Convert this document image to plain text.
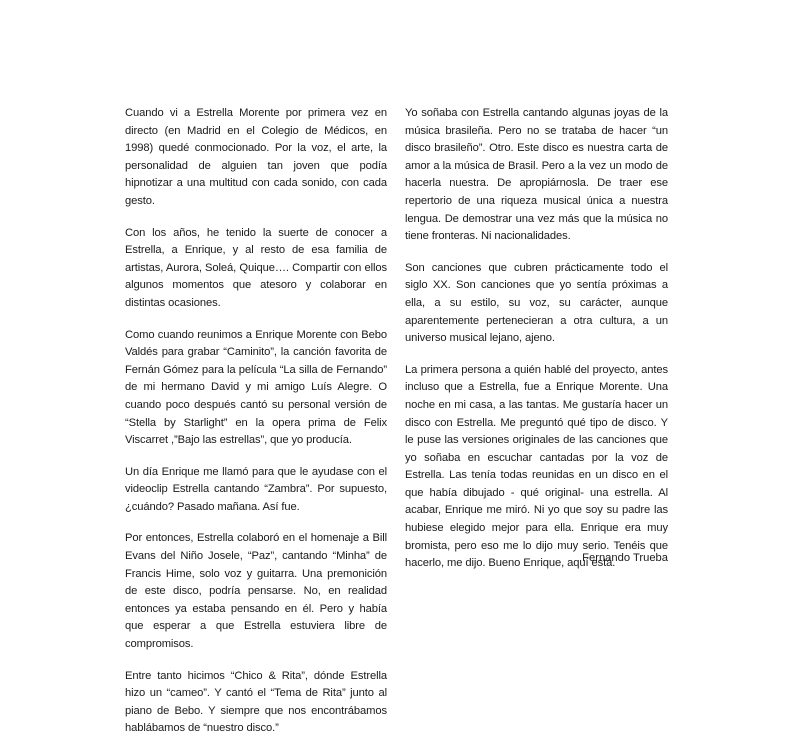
Cuando vi a Estrella Morente por primera vez en directo (en Madrid en el Colegio de Médicos, en 1998) quedé conmocionado. Por la voz, el arte, la personalidad de alguien tan joven que podía hipnotizar a una multitud con cada sonido, con cada gesto.

Con los años, he tenido la suerte de conocer a Estrella, a Enrique, y al resto de esa familia de artistas, Aurora, Soleá, Quique…. Compartir con ellos algunos momentos que atesoro y colaborar en distintas ocasiones.

Como cuando reunimos a Enrique Morente con Bebo Valdés para grabar “Caminito”, la canción favorita de Fernán Gómez para la película “La silla de Fernando” de mi hermano David y mi amigo Luís Alegre. O cuando poco después cantó su personal versión de “Stella by Starlight” en la opera prima de Felix Viscarret ,”Bajo las estrellas”, que yo producía.

Un día Enrique me llamó para que le ayudase con el videoclip Estrella cantando “Zambra”. Por supuesto, ¿cuándo? Pasado mañana. Así fue.

Por entonces, Estrella colaboró en el homenaje a Bill Evans del Niño Josele, “Paz”, cantando “Minha” de Francis Hime, solo voz y guitarra. Una premonición de este disco, podría pensarse. No, en realidad entonces ya estaba pensando en él. Pero y había que esperar a que Estrella estuviera libre de compromisos.

Entre tanto hicimos “Chico & Rita”, dónde Estrella hizo un “cameo”. Y cantó el “Tema de Rita” junto al piano de Bebo. Y siempre que nos encontrábamos hablábamos de “nuestro disco.”

Yo soñaba con Estrella cantando algunas joyas de la música brasileña. Pero no se trataba de hacer “un disco brasileño”. Otro. Este disco es nuestra carta de amor a la música de Brasil. Pero a la vez un modo de hacerla nuestra. De apropiárnosla. De traer ese repertorio de una riqueza musical única a nuestra lengua. De demostrar una vez más que la música no tiene fronteras. Ni nacionalidades.

Son canciones que cubren prácticamente todo el siglo XX. Son canciones que yo sentía próximas a ella, a su estilo, su voz, su carácter, aunque aparentemente pertenecieran a otra cultura, a un universo musical lejano, ajeno.

La primera persona a quién hablé del proyecto, antes incluso que a Estrella, fue a Enrique Morente. Una noche en mi casa, a las tantas. Me gustaría hacer un disco con Estrella. Me preguntó qué tipo de disco. Y le puse las versiones originales de las canciones que yo soñaba en escuchar cantadas por la voz de Estrella. Las tenía todas reunidas en un disco en el que había dibujado - qué original- una estrella. Al acabar, Enrique me miró. Ni yo que soy su padre las hubiese elegido mejor para ella. Enrique era muy bromista, pero eso me lo dijo muy serio. Tenéis que hacerlo, me dijo. Bueno Enrique, aquí está.

Fernando Trueba
